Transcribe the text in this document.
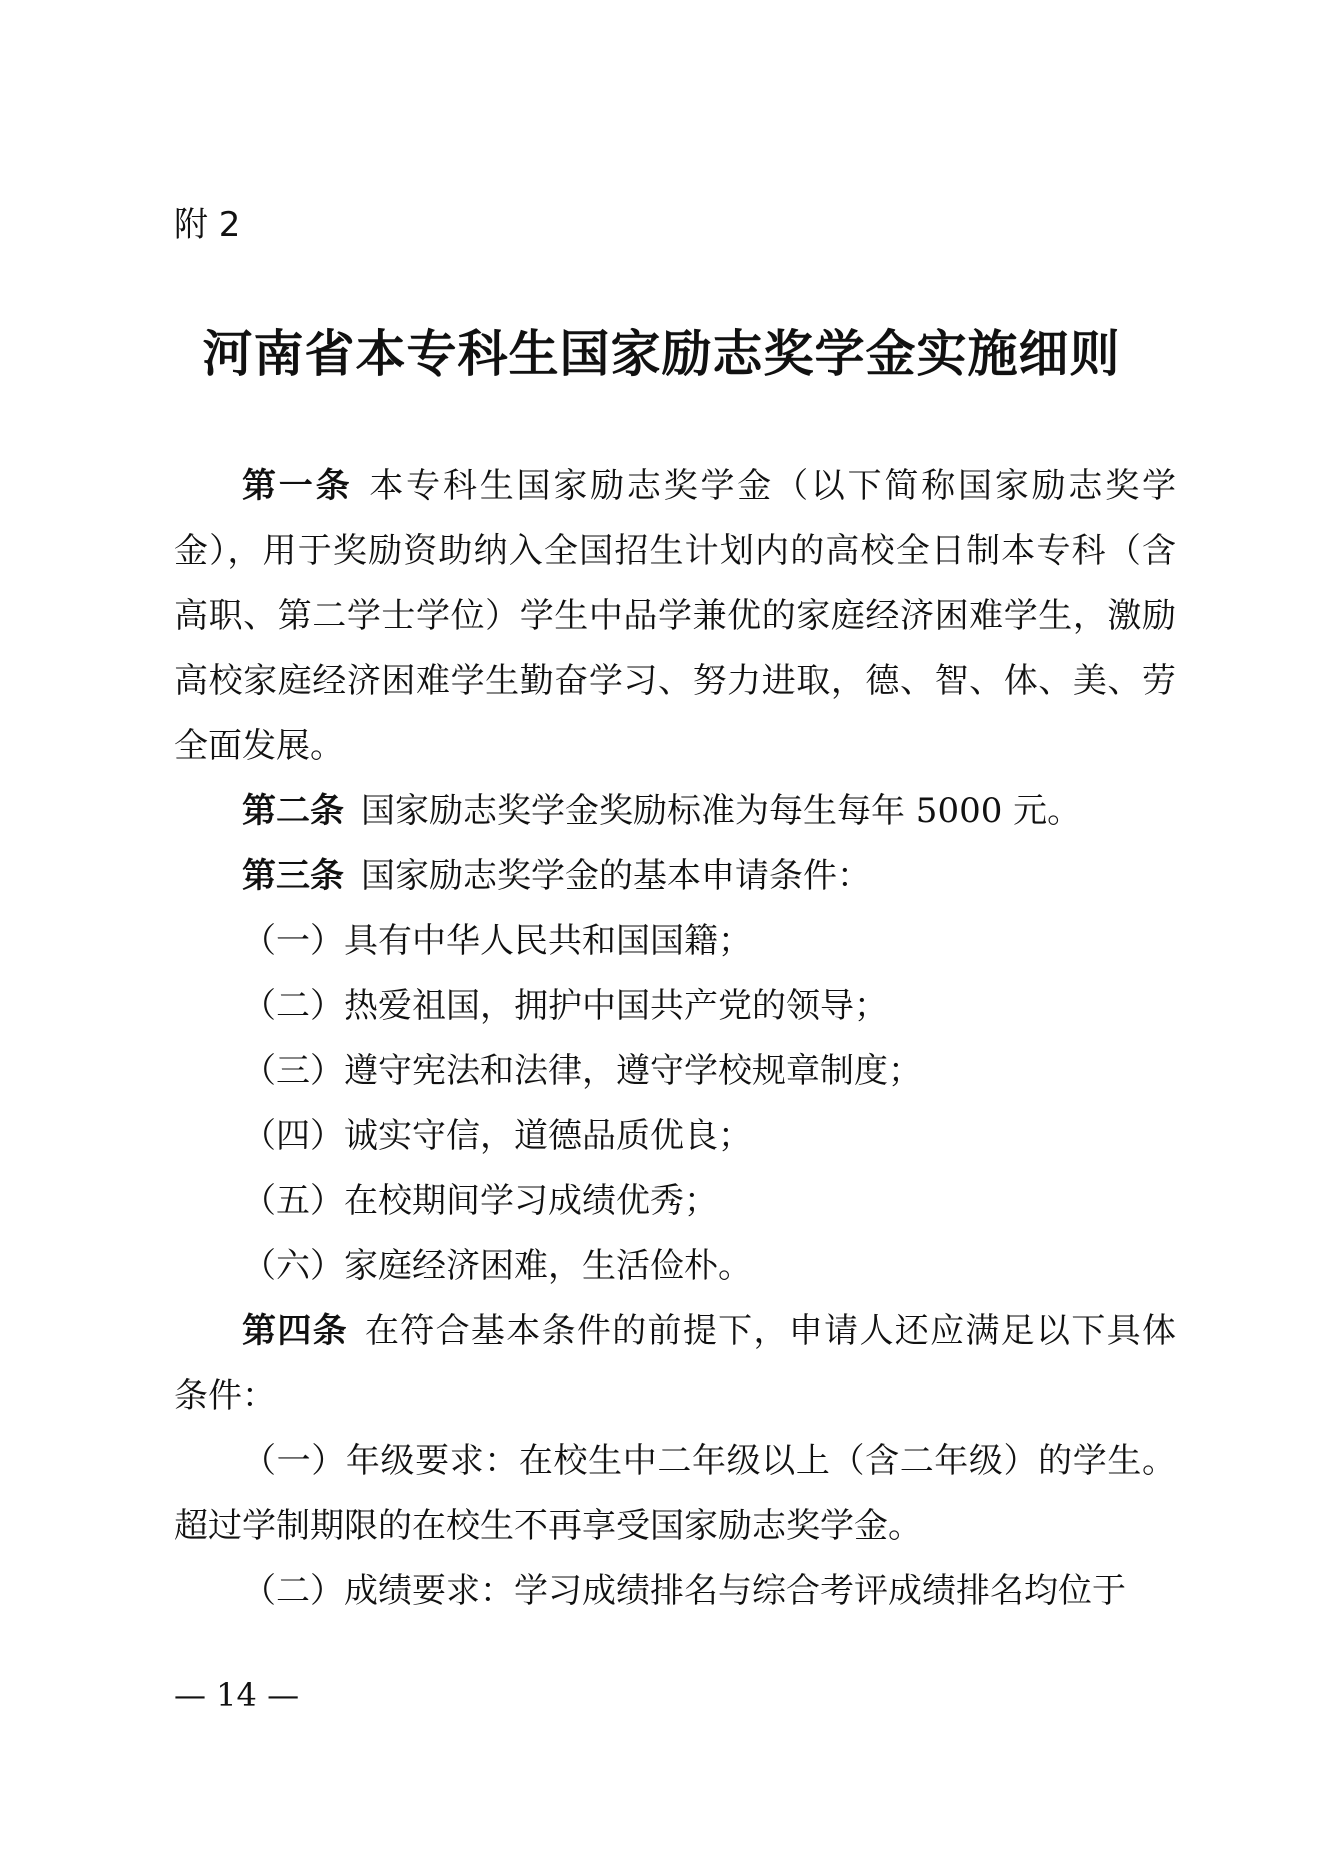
附 2
河南省本专科生国家励志奖学金实施细则

第一条 本专科生国家励志奖学金（以下简称国家励志奖学金），用于奖励资助纳入全国招生计划内的高校全日制本专科（含高职、第二学士学位）学生中品学兼优的家庭经济困难学生，激励高校家庭经济困难学生勤奋学习、努力进取，德、智、体、美、劳全面发展。

第二条 国家励志奖学金奖励标准为每生每年 5000 元。

第三条 国家励志奖学金的基本申请条件：

（一）具有中华人民共和国国籍；

（二）热爱祖国，拥护中国共产党的领导；

（三）遵守宪法和法律，遵守学校规章制度；

（四）诚实守信，道德品质优良；

（五）在校期间学习成绩优秀；

（六）家庭经济困难，生活俭朴。

第四条 在符合基本条件的前提下，申请人还应满足以下具体条件：

（一）年级要求：在校生中二年级以上（含二年级）的学生。超过学制期限的在校生不再享受国家励志奖学金。

（二）成绩要求：学习成绩排名与综合考评成绩排名均位于

— 14 —
